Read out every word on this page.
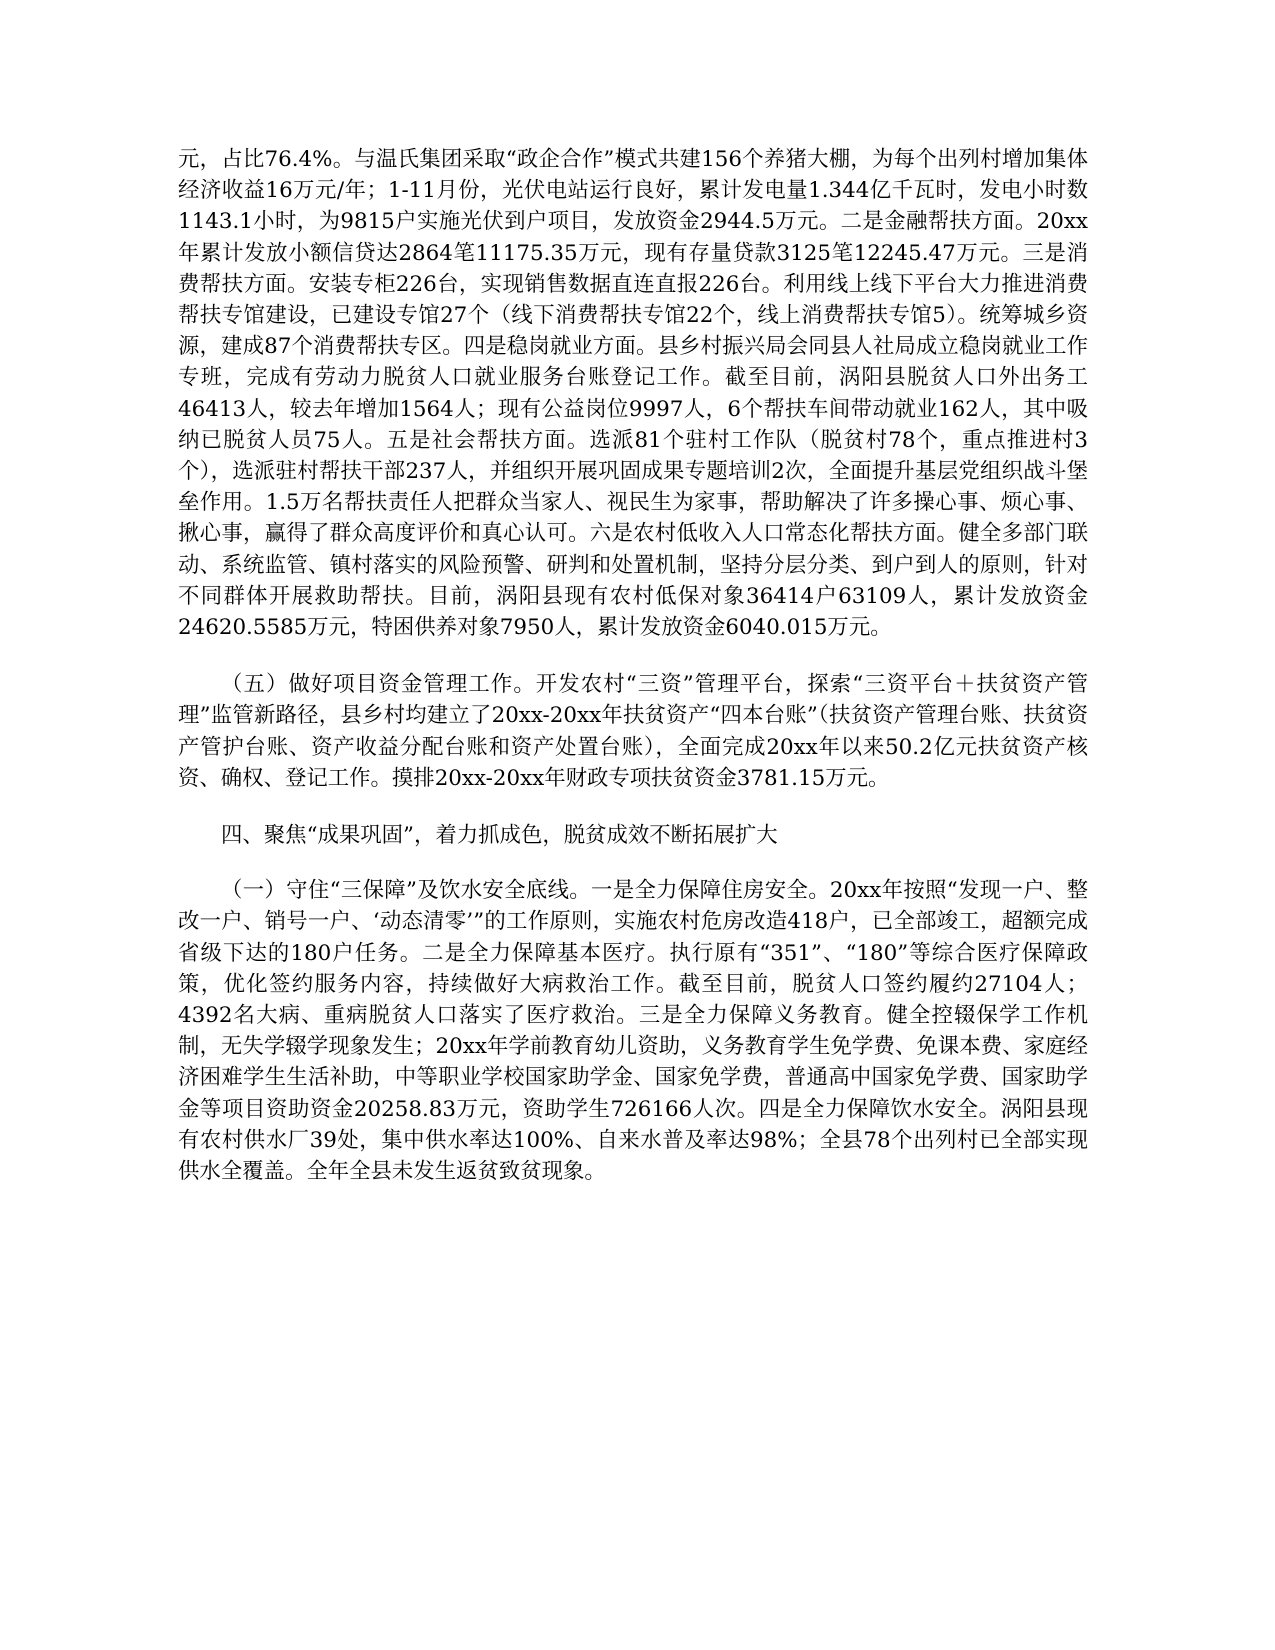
元，占比76.4%。与温氏集团采取“政企合作”模式共建156个养猪大棚，为每个出列村增加集体经济收益16万元/年；1-11月份，光伏电站运行良好，累计发电量1.344亿千瓦时，发电小时数1143.1小时，为9815户实施光伏到户项目，发放资金2944.5万元。二是金融帮扶方面。20xx年累计发放小额信贷达2864笔11175.35万元，现有存量贷款3125笔12245.47万元。三是消费帮扶方面。安装专柜226台，实现销售数据直连直报226台。利用线上线下平台大力推进消费帮扶专馆建设，已建设专馆27个（线下消费帮扶专馆22个，线上消费帮扶专馆5）。统筹城乡资源，建成87个消费帮扶专区。四是稳岗就业方面。县乡村振兴局会同县人社局成立稳岗就业工作专班，完成有劳动力脱贫人口就业服务台账登记工作。截至目前，涡阳县脱贫人口外出务工46413人，较去年增加1564人；现有公益岗位9997人，6个帮扶车间带动就业162人，其中吸纳已脱贫人员75人。五是社会帮扶方面。选派81个驻村工作队（脱贫村78个，重点推进村3个），选派驻村帮扶干部237人，并组织开展巩固成果专题培训2次，全面提升基层党组织战斗堡垒作用。1.5万名帮扶责任人把群众当家人、视民生为家事，帮助解决了许多操心事、烦心事、揪心事，赢得了群众高度评价和真心认可。六是农村低收入人口常态化帮扶方面。健全多部门联动、系统监管、镇村落实的风险预警、研判和处置机制，坚持分层分类、到户到人的原则，针对不同群体开展救助帮扶。目前，涡阳县现有农村低保对象36414户63109人，累计发放资金24620.5585万元，特困供养对象7950人，累计发放资金6040.015万元。

（五）做好项目资金管理工作。开发农村“三资”管理平台，探索“三资平台＋扶贫资产管理”监管新路径，县乡村均建立了20xx-20xx年扶贫资产“四本台账”（扶贫资产管理台账、扶贫资产管护台账、资产收益分配台账和资产处置台账），全面完成20xx年以来50.2亿元扶贫资产核资、确权、登记工作。摸排20xx-20xx年财政专项扶贫资金3781.15万元。

四、聚焦“成果巩固”，着力抓成色，脱贫成效不断拓展扩大

（一）守住“三保障”及饮水安全底线。一是全力保障住房安全。20xx年按照“发现一户、整改一户、销号一户、‘动态清零’”的工作原则，实施农村危房改造418户，已全部竣工，超额完成省级下达的180户任务。二是全力保障基本医疗。执行原有“351”、“180”等综合医疗保障政策，优化签约服务内容，持续做好大病救治工作。截至目前，脱贫人口签约履约27104人；4392名大病、重病脱贫人口落实了医疗救治。三是全力保障义务教育。健全控辍保学工作机制，无失学辍学现象发生；20xx年学前教育幼儿资助，义务教育学生免学费、免课本费、家庭经济困难学生生活补助，中等职业学校国家助学金、国家免学费，普通高中国家免学费、国家助学金等项目资助资金20258.83万元，资助学生726166人次。四是全力保障饮水安全。涡阳县现有农村供水厂39处，集中供水率达100%、自来水普及率达98%；全县78个出列村已全部实现供水全覆盖。全年全县未发生返贫致贫现象。
